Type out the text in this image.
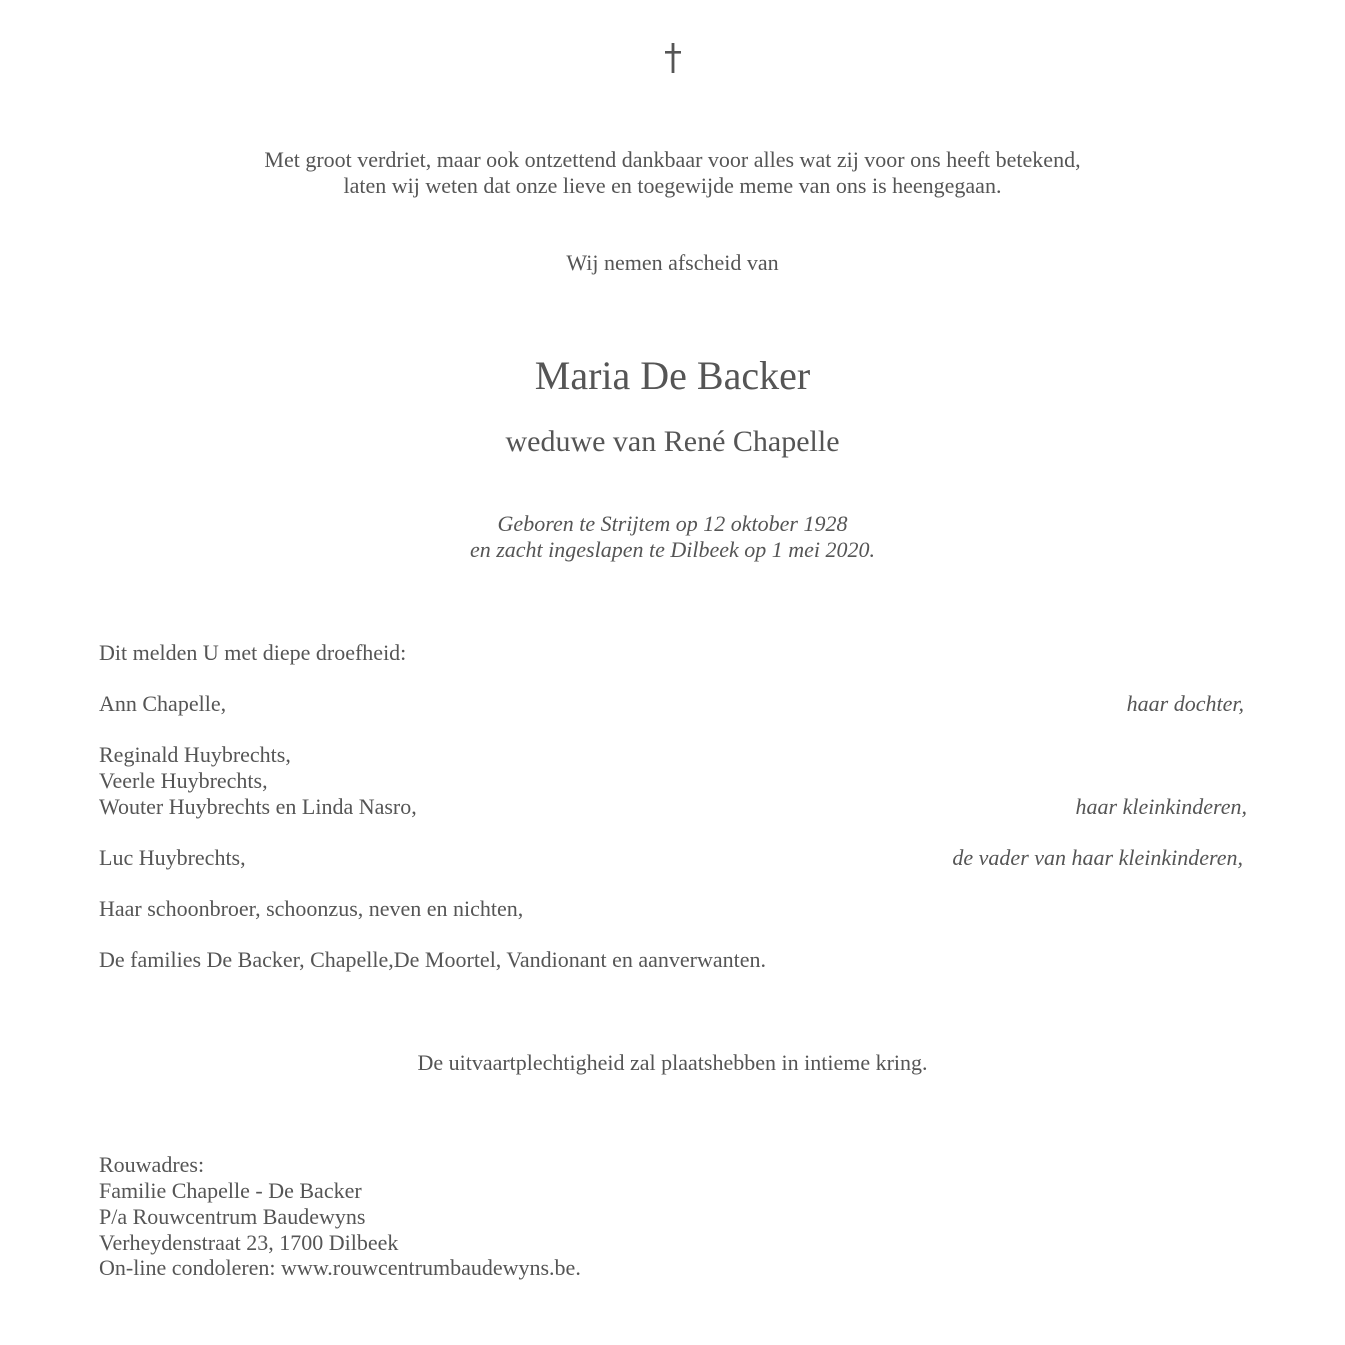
Met groot verdriet, maar ook ontzettend dankbaar voor alles wat zij voor ons heeft betekend,
laten wij weten dat onze lieve en toegewijde meme van ons is heengegaan.
Wij nemen afscheid van
Maria De Backer
weduwe van René Chapelle
Geboren te Strijtem op 12 oktober 1928
en zacht ingeslapen te Dilbeek op 1 mei 2020.
Dit melden U met diepe droefheid:
Ann Chapelle,	haar dochter,
Reginald Huybrechts,
Veerle Huybrechts,
Wouter Huybrechts en Linda Nasro,	haar kleinkinderen,
Luc Huybrechts,	de vader van haar kleinkinderen,
Haar schoonbroer, schoonzus, neven en nichten,
De families De Backer, Chapelle,De Moortel, Vandionant en aanverwanten.
De uitvaartplechtigheid zal plaatshebben in intieme kring.
Rouwadres:
Familie Chapelle - De Backer
P/a Rouwcentrum Baudewyns
Verheydenstraat 23, 1700 Dilbeek
On-line condoleren: www.rouwcentrumbaudewyns.be.
